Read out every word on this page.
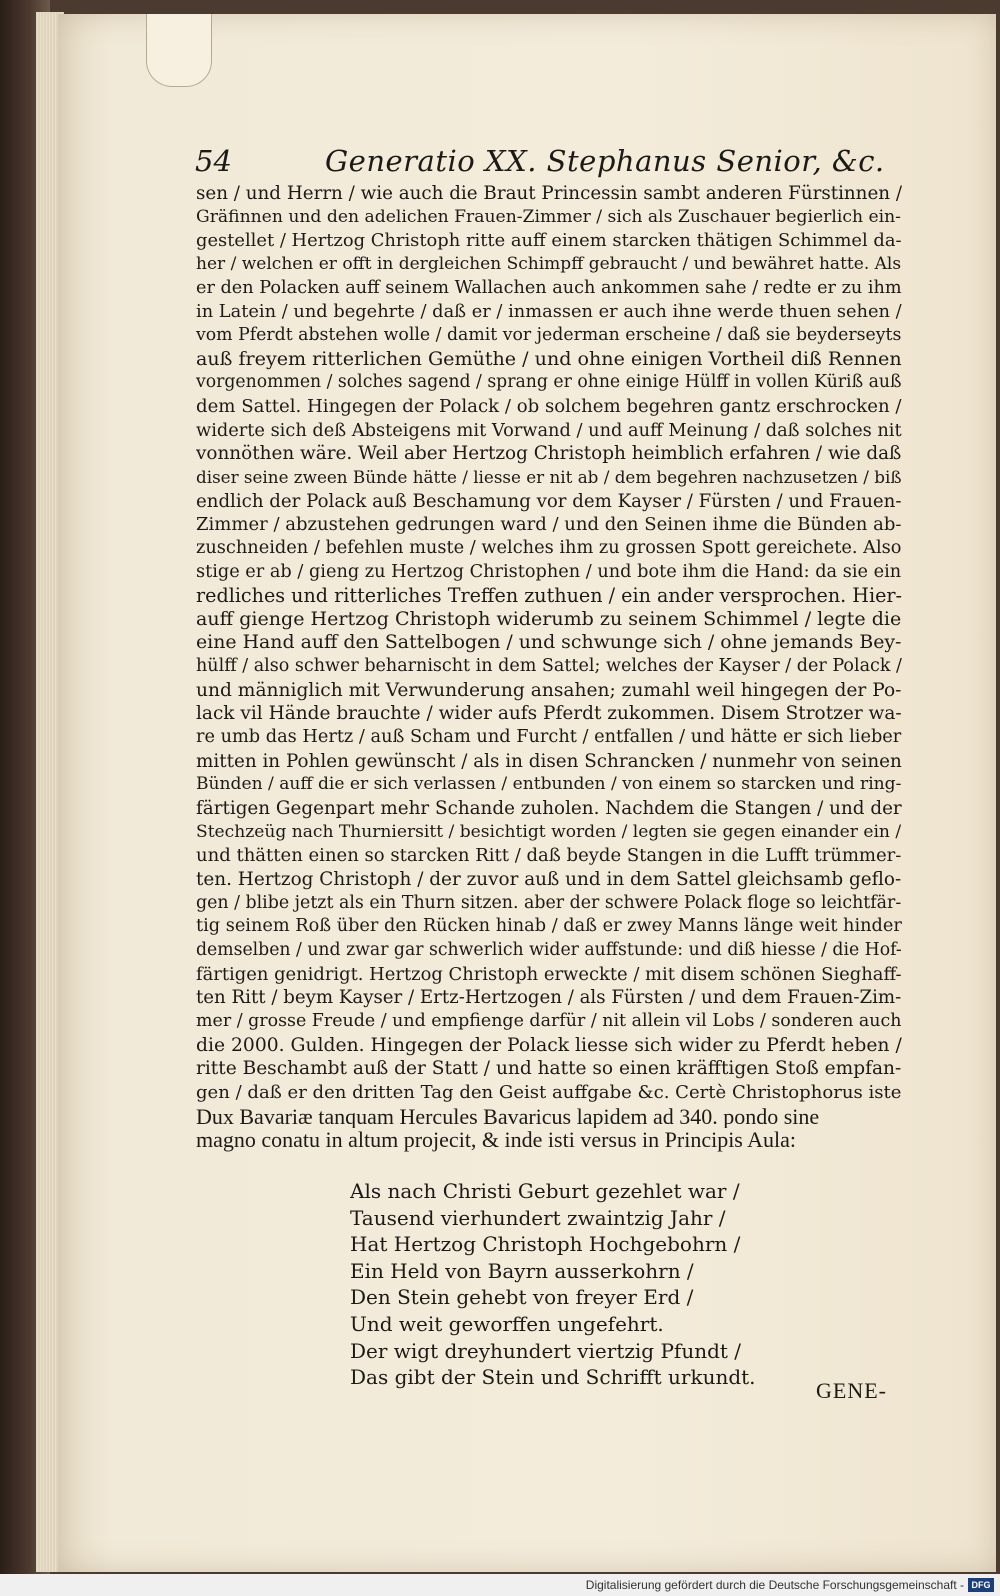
54	Generatio XX. Stephanus Senior, &c.
sen / und Herrn / wie auch die Braut Princessin sambt anderen Fürstinnen /
Gräfinnen und den adelichen Frauen-Zimmer / sich als Zuschauer begierlich ein-
gestellet / Hertzog Christoph ritte auff einem starcken thätigen Schimmel da-
her / welchen er offt in dergleichen Schimpff gebraucht / und bewähret hatte. Als
er den Polacken auff seinem Wallachen auch ankommen sahe / redte er zu ihm
in Latein / und begehrte / daß er / inmassen er auch ihne werde thuen sehen /
vom Pferdt abstehen wolle / damit vor jederman erscheine / daß sie beyderseyts
auß freyem ritterlichen Gemüthe / und ohne einigen Vortheil diß Rennen
vorgenommen / solches sagend / sprang er ohne einige Hülff in vollen Küriß auß
dem Sattel. Hingegen der Polack / ob solchem begehren gantz erschrocken /
widerte sich deß Absteigens mit Vorwand / und auff Meinung / daß solches nit
vonnöthen wäre. Weil aber Hertzog Christoph heimblich erfahren / wie daß
diser seine zween Bünde hätte / liesse er nit ab / dem begehren nachzusetzen / biß
endlich der Polack auß Beschamung vor dem Kayser / Fürsten / und Frauen-
Zimmer / abzustehen gedrungen ward / und den Seinen ihme die Bünden ab-
zuschneiden / befehlen muste / welches ihm zu grossen Spott gereichete. Also
stige er ab / gieng zu Hertzog Christophen / und bote ihm die Hand: da sie ein
redliches und ritterliches Treffen zuthuen / ein ander versprochen. Hier-
auff gienge Hertzog Christoph widerumb zu seinem Schimmel / legte die
eine Hand auff den Sattelbogen / und schwunge sich / ohne jemands Bey-
hülff / also schwer beharnischt in dem Sattel; welches der Kayser / der Polack /
und männiglich mit Verwunderung ansahen; zumahl weil hingegen der Po-
lack vil Hände brauchte / wider aufs Pferdt zukommen. Disem Strotzer wa-
re umb das Hertz / auß Scham und Furcht / entfallen / und hätte er sich lieber
mitten in Pohlen gewünscht / als in disen Schrancken / nunmehr von seinen
Bünden / auff die er sich verlassen / entbunden / von einem so starcken und ring-
färtigen Gegenpart mehr Schande zuholen. Nachdem die Stangen / und der
Stechzeüg nach Thurniersitt / besichtigt worden / legten sie gegen einander ein /
und thätten einen so starcken Ritt / daß beyde Stangen in die Lufft trümmer-
ten. Hertzog Christoph / der zuvor auß und in dem Sattel gleichsamb geflo-
gen / blibe jetzt als ein Thurn sitzen. aber der schwere Polack floge so leichtfär-
tig seinem Roß über den Rücken hinab / daß er zwey Manns länge weit hinder
demselben / und zwar gar schwerlich wider auffstunde: und diß hiesse / die Hof-
färtigen genidrigt. Hertzog Christoph erweckte / mit disem schönen Sieghaff-
ten Ritt / beym Kayser / Ertz-Hertzogen / als Fürsten / und dem Frauen-Zim-
mer / grosse Freude / und empfienge darfür / nit allein vil Lobs / sonderen auch
die 2000. Gulden. Hingegen der Polack liesse sich wider zu Pferdt heben /
ritte Beschambt auß der Statt / und hatte so einen kräfftigen Stoß empfan-
gen / daß er den dritten Tag den Geist auffgabe &c. Certè Christophorus iste
Dux Bavariæ tanquam Hercules Bavaricus lapidem ad 340. pondo sine
magno conatu in altum projecit, & inde isti versus in Principis Aula:
Als nach Christi Geburt gezehlet war /
Tausend vierhundert zwaintzig Jahr /
Hat Hertzog Christoph Hochgebohrn /
Ein Held von Bayrn ausserkohrn /
Den Stein gehebt von freyer Erd /
Und weit geworffen ungefehrt.
Der wigt dreyhundert viertzig Pfundt /
Das gibt der Stein und Schrifft urkundt.
GENE-
Digitalisierung gefördert durch die Deutsche Forschungsgemeinschaft - DFG
